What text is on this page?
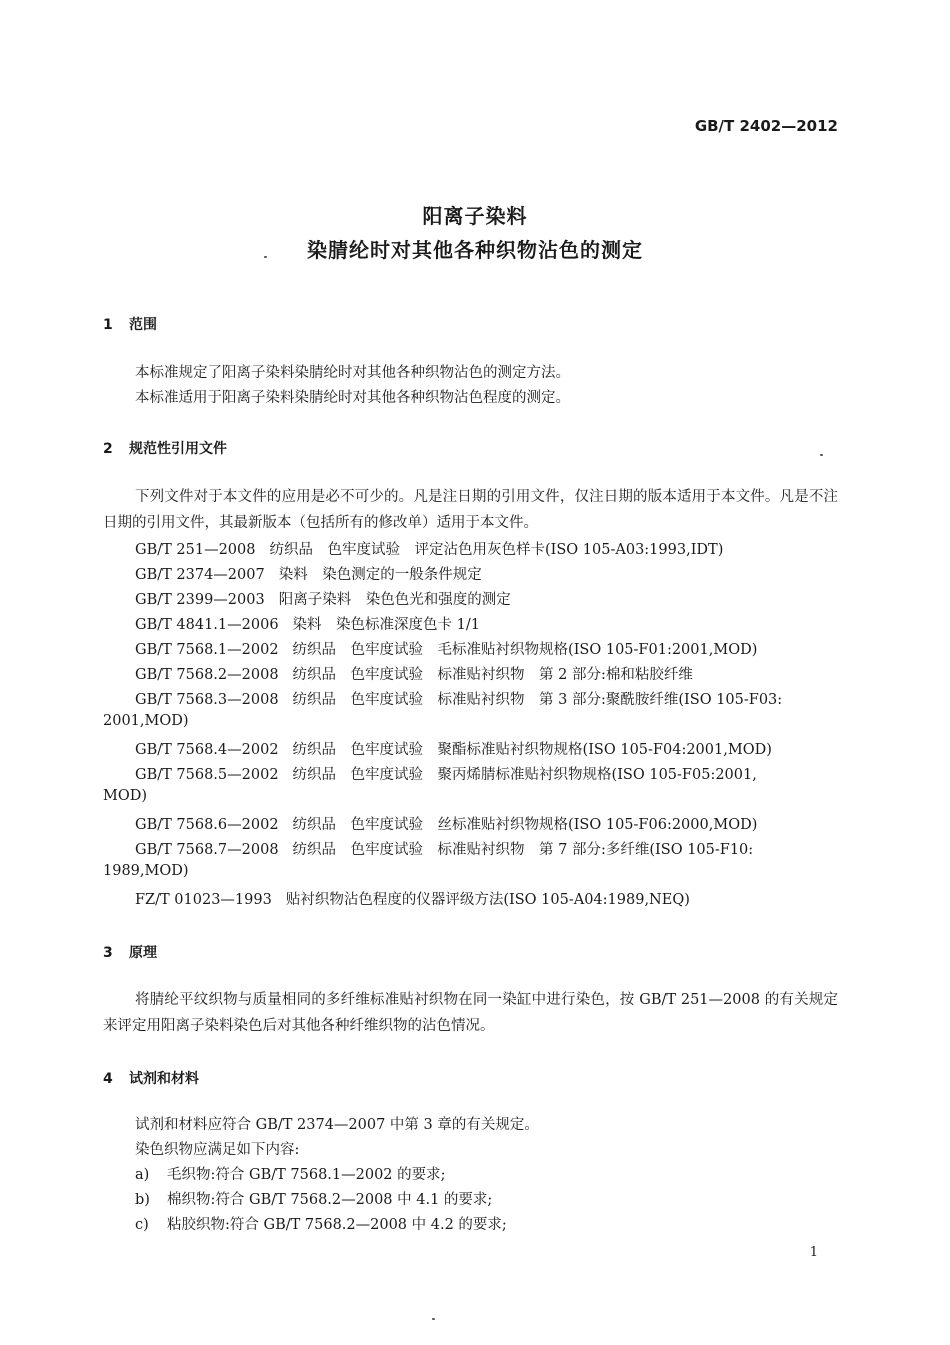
GB/T 2402—2012
阳离子染料
染腈纶时对其他各种织物沾色的测定
1 范围
本标准规定了阳离子染料染腈纶时对其他各种织物沾色的测定方法。
本标准适用于阳离子染料染腈纶时对其他各种织物沾色程度的测定。
2 规范性引用文件
下列文件对于本文件的应用是必不可少的。凡是注日期的引用文件，仅注日期的版本适用于本文件。凡是不注日期的引用文件，其最新版本（包括所有的修改单）适用于本文件。
GB/T 251—2008 纺织品　色牢度试验　评定沾色用灰色样卡(ISO 105-A03:1993,IDT)
GB/T 2374—2007 染料　染色测定的一般条件规定
GB/T 2399—2003 阳离子染料　染色色光和强度的测定
GB/T 4841.1—2006 染料　染色标准深度色卡 1/1
GB/T 7568.1—2002 纺织品　色牢度试验　毛标准贴衬织物规格(ISO 105-F01:2001,MOD)
GB/T 7568.2—2008 纺织品　色牢度试验　标准贴衬织物　第 2 部分:棉和粘胶纤维
GB/T 7568.3—2008 纺织品　色牢度试验　标准贴衬织物　第 3 部分:聚酰胺纤维(ISO 105-F03:
2001,MOD)
GB/T 7568.4—2002 纺织品　色牢度试验　聚酯标准贴衬织物规格(ISO 105-F04:2001,MOD)
GB/T 7568.5—2002 纺织品　色牢度试验　聚丙烯腈标准贴衬织物规格(ISO 105-F05:2001,
MOD)
GB/T 7568.6—2002 纺织品　色牢度试验　丝标准贴衬织物规格(ISO 105-F06:2000,MOD)
GB/T 7568.7—2008 纺织品　色牢度试验　标准贴衬织物　第 7 部分:多纤维(ISO 105-F10:
1989,MOD)
FZ/T 01023—1993 贴衬织物沾色程度的仪器评级方法(ISO 105-A04:1989,NEQ)
3 原理
将腈纶平纹织物与质量相同的多纤维标准贴衬织物在同一染缸中进行染色，按 GB/T 251—2008 的有关规定来评定用阳离子染料染色后对其他各种纤维织物的沾色情况。
4 试剂和材料
试剂和材料应符合 GB/T 2374—2007 中第 3 章的有关规定。
染色织物应满足如下内容:
a) 毛织物:符合 GB/T 7568.1—2002 的要求;
b) 棉织物:符合 GB/T 7568.2—2008 中 4.1 的要求;
c) 粘胶织物:符合 GB/T 7568.2—2008 中 4.2 的要求;
1
